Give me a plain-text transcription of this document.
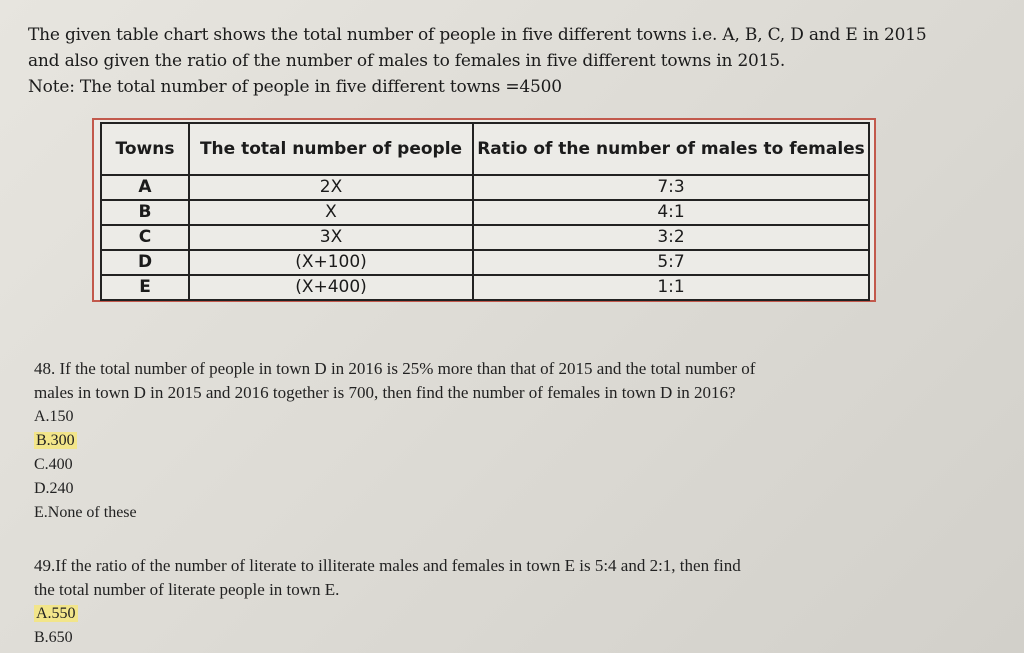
The given table chart shows the total number of people in five different towns i.e. A, B, C, D and E in 2015

and also given the ratio of the number of males to females in five different towns in 2015.

Note: The total number of people in five different towns =4500

Towns	The total number of people	Ratio of the number of males to females
A	2X	7:3
B	X	4:1
C	3X	3:2
D	(X+100)	5:7
E	(X+400)	1:1

48. If the total number of people in town D in 2016 is 25% more than that of 2015 and the total number of

males in town D in 2015 and 2016 together is 700, then find the number of females in town D in 2016?

A.150
B.300
C.400
D.240
E.None of these

49.If the ratio of the number of literate to illiterate males and females in town E is 5:4 and 2:1, then find

the total number of literate people in town E.

A.550
B.650
